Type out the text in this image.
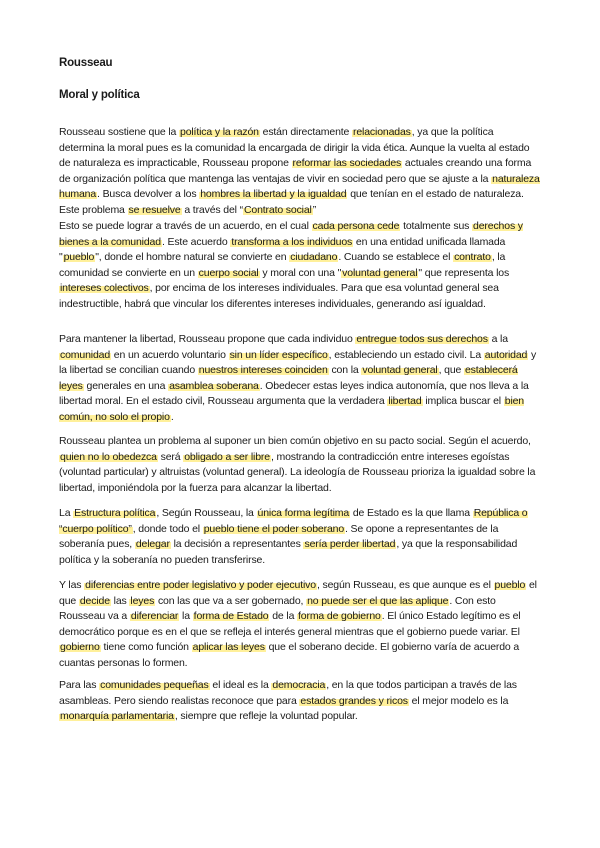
Rousseau
Moral y política
Rousseau sostiene que la política y la razón están directamente relacionadas, ya que la política determina la moral pues es la comunidad la encargada de dirigir la vida ética. Aunque la vuelta al estado de naturaleza es impracticable, Rousseau propone reformar las sociedades actuales creando una forma de organización política que mantenga las ventajas de vivir en sociedad pero que se ajuste a la naturaleza humana. Busca devolver a los hombres la libertad y la igualdad que tenían en el estado de naturaleza. Este problema se resuelve a través del “Contrato social”
Esto se puede lograr a través de un acuerdo, en el cual cada persona cede totalmente sus derechos y bienes a la comunidad. Este acuerdo transforma a los individuos en una entidad unificada llamada "pueblo", donde el hombre natural se convierte en ciudadano. Cuando se establece el contrato, la comunidad se convierte en un cuerpo social y moral con una "voluntad general" que representa los intereses colectivos, por encima de los intereses individuales. Para que esa voluntad general sea indestructible, habrá que vincular los diferentes intereses individuales, generando así igualdad.
Para mantener la libertad, Rousseau propone que cada individuo entregue todos sus derechos a la comunidad en un acuerdo voluntario sin un líder específico, estableciendo un estado civil. La autoridad y la libertad se concilian cuando nuestros intereses coinciden con la voluntad general, que establecerá leyes generales en una asamblea soberana. Obedecer estas leyes indica autonomía, que nos lleva a la libertad moral. En el estado civil, Rousseau argumenta que la verdadera libertad implica buscar el bien común, no solo el propio.
Rousseau plantea un problema al suponer un bien común objetivo en su pacto social. Según el acuerdo, quien no lo obedezca será obligado a ser libre, mostrando la contradicción entre intereses egoístas (voluntad particular) y altruistas (voluntad general). La ideología de Rousseau prioriza la igualdad sobre la libertad, imponiéndola por la fuerza para alcanzar la libertad.
La Estructura política, Según Rousseau, la única forma legítima de Estado es la que llama República o “cuerpo político”, donde todo el pueblo tiene el poder soberano. Se opone a representantes de la soberanía pues, delegar la decisión a representantes sería perder libertad, ya que la responsabilidad política y la soberanía no pueden transferirse.
Y las diferencias entre poder legislativo y poder ejecutivo, según Russeau, es que aunque es el pueblo el que decide las leyes con las que va a ser gobernado, no puede ser el que las aplique. Con esto Rousseau va a diferenciar la forma de Estado de la forma de gobierno. El único Estado legítimo es el democrático porque es en el que se refleja el interés general mientras que el gobierno puede variar. El gobierno tiene como función aplicar las leyes que el soberano decide. El gobierno varía de acuerdo a cuantas personas lo formen.
Para las comunidades pequeñas el ideal es la democracia, en la que todos participan a través de las asambleas. Pero siendo realistas reconoce que para estados grandes y ricos el mejor modelo es la monarquía parlamentaria, siempre que refleje la voluntad popular.
